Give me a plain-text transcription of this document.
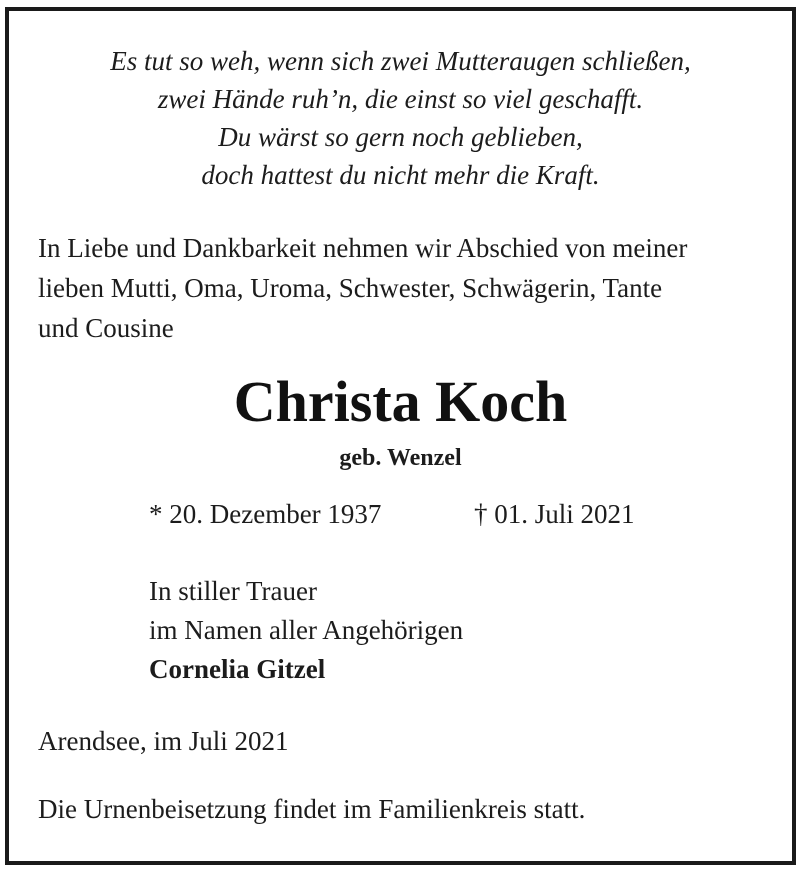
Es tut so weh, wenn sich zwei Mutteraugen schließen,
zwei Hände ruh’n, die einst so viel geschafft.
Du wärst so gern noch geblieben,
doch hattest du nicht mehr die Kraft.
In Liebe und Dankbarkeit nehmen wir Abschied von meiner
lieben Mutti, Oma, Uroma, Schwester, Schwägerin, Tante
und Cousine
Christa Koch
geb. Wenzel
* 20. Dezember 1937	† 01. Juli 2021
In stiller Trauer
im Namen aller Angehörigen
Cornelia Gitzel
Arendsee, im Juli 2021
Die Urnenbeisetzung findet im Familienkreis statt.
